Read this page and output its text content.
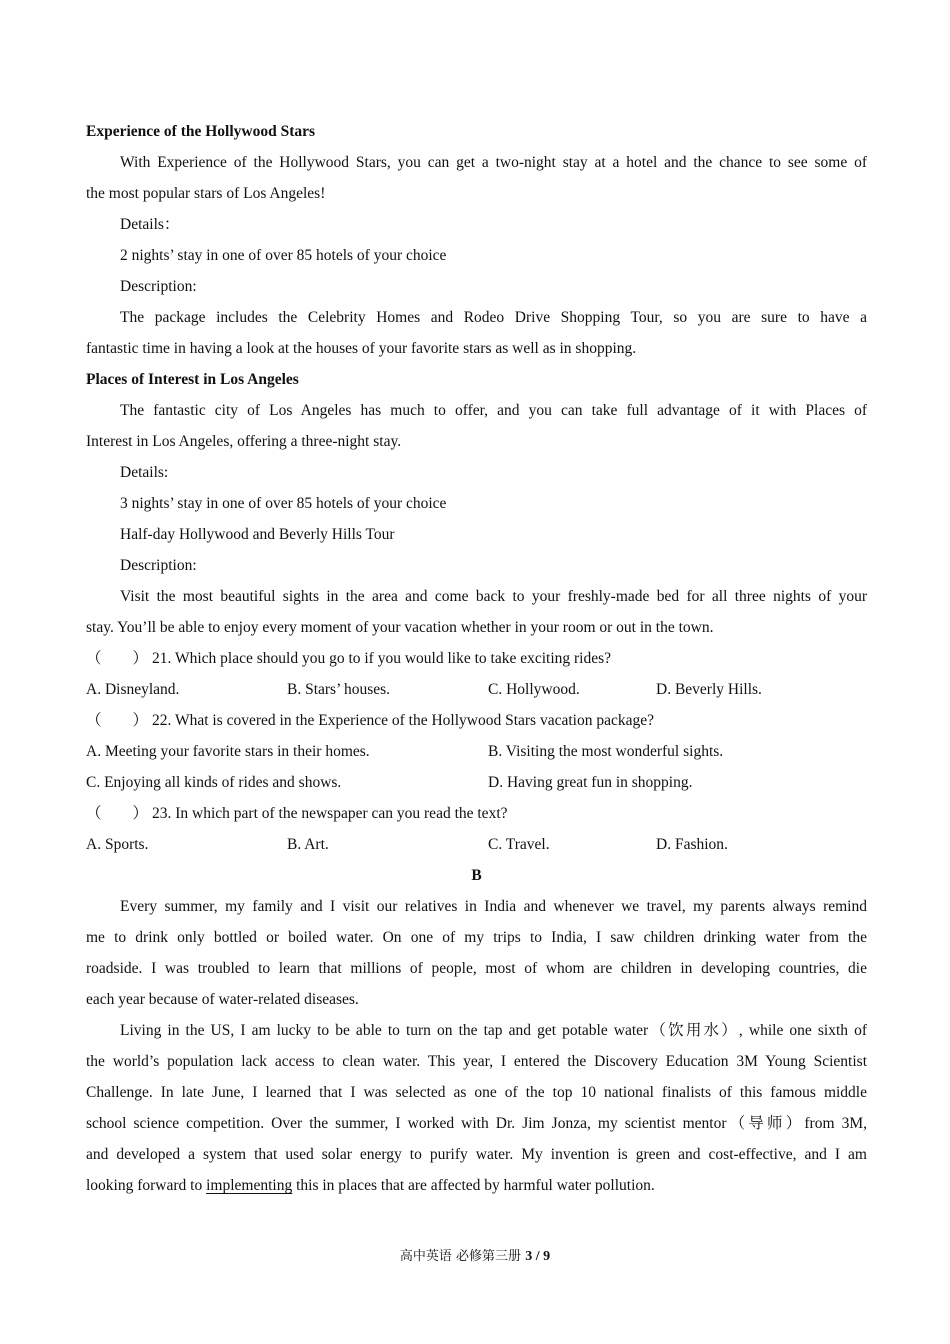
Experience of the Hollywood Stars
With Experience of the Hollywood Stars, you can get a two‑night stay at a hotel and the chance to see some of
the most popular stars of Los Angeles!
Details：
2 nights’ stay in one of over 85 hotels of your choice
Description:
The package includes the Celebrity Homes and Rodeo Drive Shopping Tour, so you are sure to have a
fantastic time in having a look at the houses of your favorite stars as well as in shopping.
Places of Interest in Los Angeles
The fantastic city of Los Angeles has much to offer, and you can take full advantage of it with Places of
Interest in Los Angeles, offering a three-night stay.
Details:
3 nights’ stay in one of over 85 hotels of your choice
Half-day Hollywood and Beverly Hills Tour
Description:
Visit the most beautiful sights in the area and come back to your freshly-made bed for all three nights of your
stay. You’ll be able to enjoy every moment of your vacation whether in your room or out in the town.
（　　） 21. Which place should you go to if you would like to take exciting rides?
A. Disneyland.	B. Stars’ houses.	C. Hollywood.	D. Beverly Hills.
（　　） 22. What is covered in the Experience of the Hollywood Stars vacation package?
A. Meeting your favorite stars in their homes.	B. Visiting the most wonderful sights.
C. Enjoying all kinds of rides and shows.	D. Having great fun in shopping.
（　　） 23. In which part of the newspaper can you read the text?
A. Sports.	B. Art.	C. Travel.	D. Fashion.
B
Every summer, my family and I visit our relatives in India and whenever we travel, my parents always remind
me to drink only bottled or boiled water. On one of my trips to India, I saw children drinking water from the
roadside. I was troubled to learn that millions of people, most of whom are children in developing countries, die
each year because of water‑related diseases.
Living in the US, I am lucky to be able to turn on the tap and get potable water（饮用水）, while one sixth of
the world’s population lack access to clean water. This year, I entered the Discovery Education 3M Young Scientist
Challenge. In late June, I learned that I was selected as one of the top 10 national finalists of this famous middle
school science competition. Over the summer, I worked with Dr. Jim Jonza, my scientist mentor（导师）from 3M,
and developed a system that used solar energy to purify water. My invention is green and cost-effective, and I am
looking forward to implementing this in places that are affected by harmful water pollution.
高中英语 必修第三册 3 / 9
